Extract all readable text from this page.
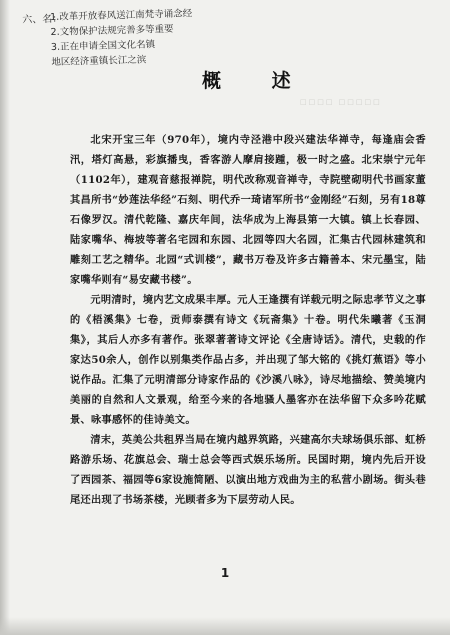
六、名：
1.改革开放春风送江南梵寺诵念经
2.文物保护法规完善多等重要
3.正在申请全国文化名镇
地区经济重镇长江之滨
概 述
□□□□ □□□□□

北宋开宝三年（970年），境内寺泾港中段兴建法华禅寺，每逢庙会香汛，塔灯高悬，彩旗播曳，香客游人摩肩接踵，极一时之盛。北宋崇宁元年（1102年），建观音慈报禅院，明代改称观音禅寺，寺院壁砌明代书画家董其昌所书“妙莲法华经”石刻、明代乔一琦诸军所书“金刚经”石刻，另有18尊石像罗汉。清代乾隆、嘉庆年间，法华成为上海县第一大镇。镇上长春园、陆家嘴华、梅坡等著名宅园和东园、北园等四大名园，汇集古代园林建筑和雕刻工艺之精华。北园“式训楼”，藏书万卷及许多古籍善本、宋元墨宝，陆家嘴华则有“易安藏书楼”。

元明清时，境内艺文成果丰厚。元人王逢撰有详载元明之际忠孝节义之事的《梧溪集》七卷，贡师泰撰有诗文《玩斋集》十卷。明代朱曦著《玉洞集》，其后人亦多有著作。张翠著著诗文评论《全唐诗话》。清代，史载的作家达50余人，创作以别集类作品占多，并出现了邹大铭的《挑灯蕉语》等小说作品。汇集了元明清部分诗家作品的《沙溪八咏》，诗尽地描绘、赞美境内美丽的自然和人文景观，给至今来的各地骚人墨客亦在法华留下众多吟花赋景、咏事感怀的佳诗美文。

清末，英美公共租界当局在境内越界筑路，兴建高尔夫球场俱乐部、虹桥路游乐场、花旗总会、瑞士总会等西式娱乐场所。民国时期，境内先后开设了西园茶、福园等6家设施简陋、以演出地方戏曲为主的私营小剧场。街头巷尾还出现了书场茶楼，光顾者多为下层劳动人民。

1
